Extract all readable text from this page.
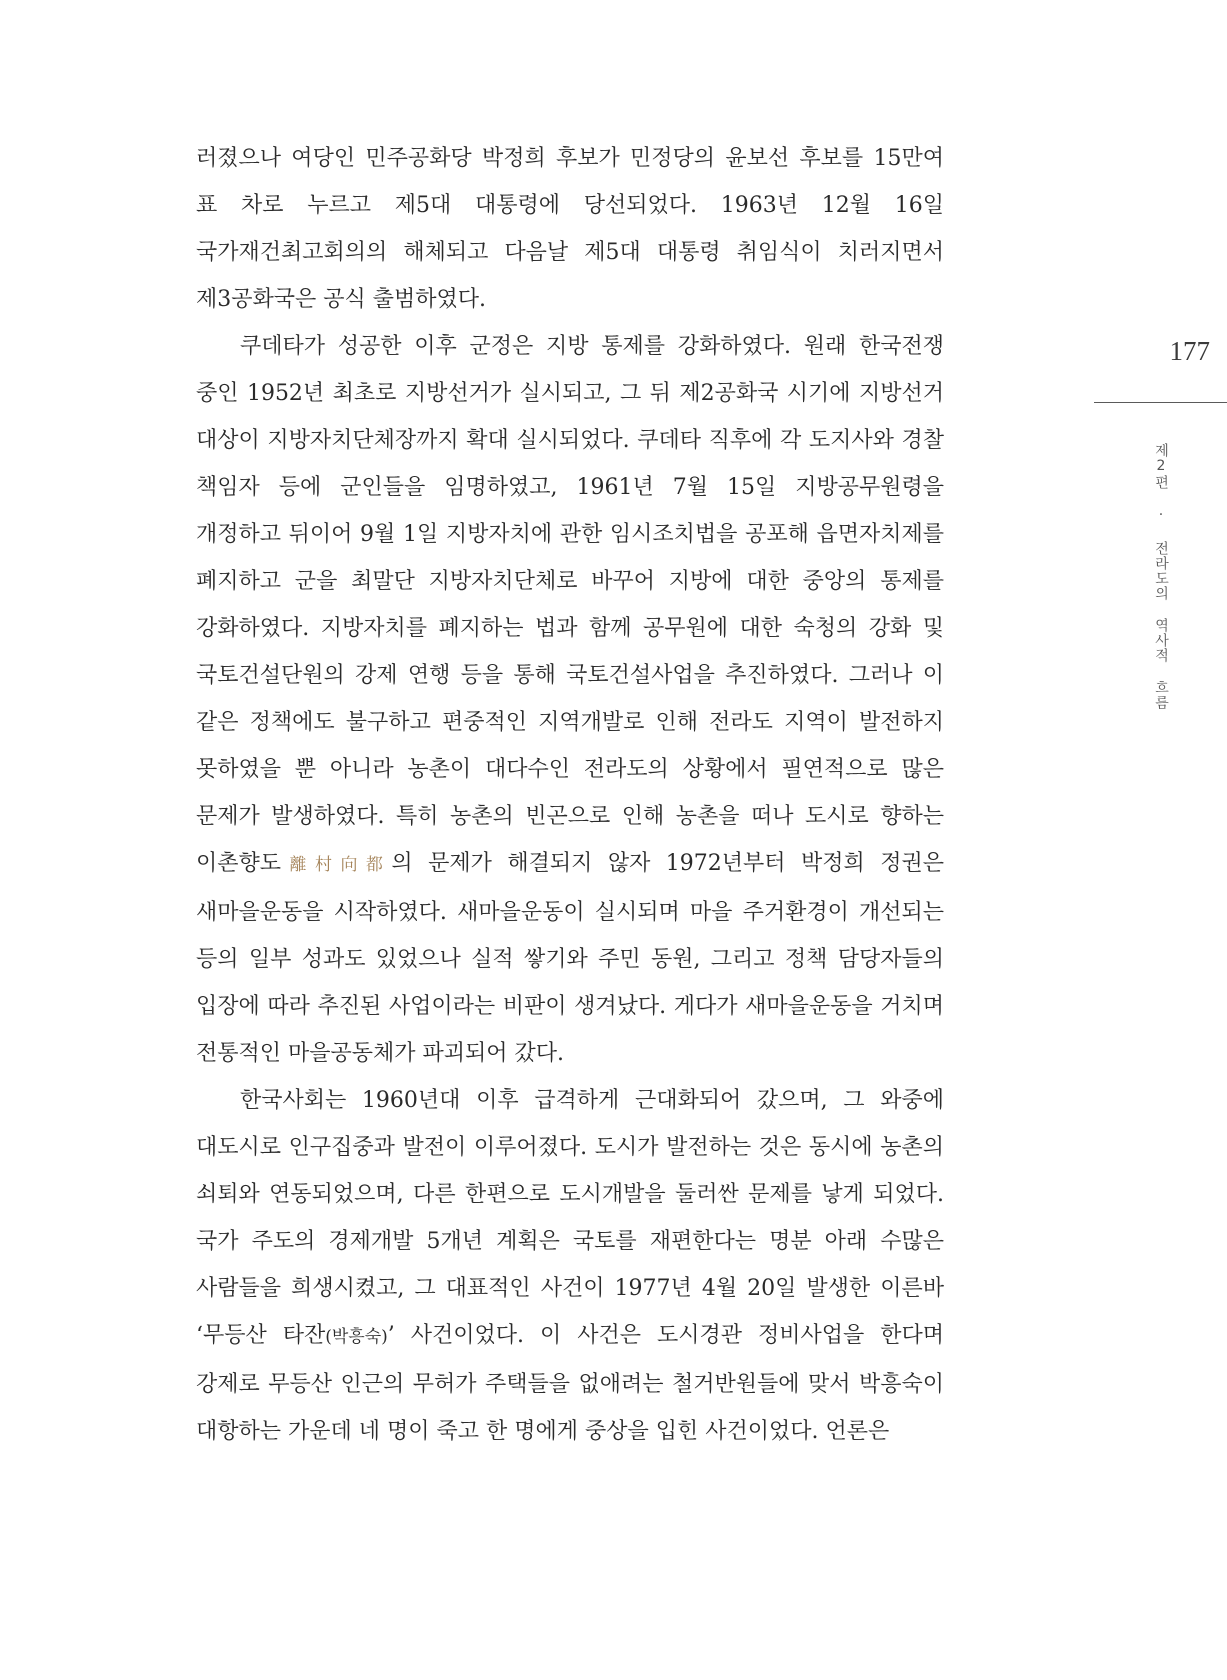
러졌으나 여당인 민주공화당 박정희 후보가 민정당의 윤보선 후보를 15만여 표 차로 누르고 제5대 대통령에 당선되었다. 1963년 12월 16일 국가재건최고회의의 해체되고 다음날 제5대 대통령 취임식이 치러지면서 제3공화국은 공식 출범하였다.

쿠데타가 성공한 이후 군정은 지방 통제를 강화하였다. 원래 한국전쟁 중인 1952년 최초로 지방선거가 실시되고, 그 뒤 제2공화국 시기에 지방선거 대상이 지방자치단체장까지 확대 실시되었다. 쿠데타 직후에 각 도지사와 경찰 책임자 등에 군인들을 임명하였고, 1961년 7월 15일 지방공무원령을 개정하고 뒤이어 9월 1일 지방자치에 관한 임시조치법을 공포해 읍면자치제를 폐지하고 군을 최말단 지방자치단체로 바꾸어 지방에 대한 중앙의 통제를 강화하였다. 지방자치를 폐지하는 법과 함께 공무원에 대한 숙청의 강화 및 국토건설단원의 강제 연행 등을 통해 국토건설사업을 추진하였다. 그러나 이 같은 정책에도 불구하고 편중적인 지역개발로 인해 전라도 지역이 발전하지 못하였을 뿐 아니라 농촌이 대다수인 전라도의 상황에서 필연적으로 많은 문제가 발생하였다. 특히 농촌의 빈곤으로 인해 농촌을 떠나 도시로 향하는 이촌향도離村向都의 문제가 해결되지 않자 1972년부터 박정희 정권은 새마을운동을 시작하였다. 새마을운동이 실시되며 마을 주거환경이 개선되는 등의 일부 성과도 있었으나 실적 쌓기와 주민 동원, 그리고 정책 담당자들의 입장에 따라 추진된 사업이라는 비판이 생겨났다. 게다가 새마을운동을 거치며 전통적인 마을공동체가 파괴되어 갔다.

한국사회는 1960년대 이후 급격하게 근대화되어 갔으며, 그 와중에 대도시로 인구집중과 발전이 이루어졌다. 도시가 발전하는 것은 동시에 농촌의 쇠퇴와 연동되었으며, 다른 한편으로 도시개발을 둘러싼 문제를 낳게 되었다. 국가 주도의 경제개발 5개년 계획은 국토를 재편한다는 명분 아래 수많은 사람들을 희생시켰고, 그 대표적인 사건이 1977년 4월 20일 발생한 이른바 ‘무등산 타잔(박흥숙)’ 사건이었다. 이 사건은 도시경관 정비사업을 한다며 강제로 무등산 인근의 무허가 주택들을 없애려는 철거반원들에 맞서 박흥숙이 대항하는 가운데 네 명이 죽고 한 명에게 중상을 입힌 사건이었다. 언론은

177
제2편 · 전라도의 역사적 흐름
